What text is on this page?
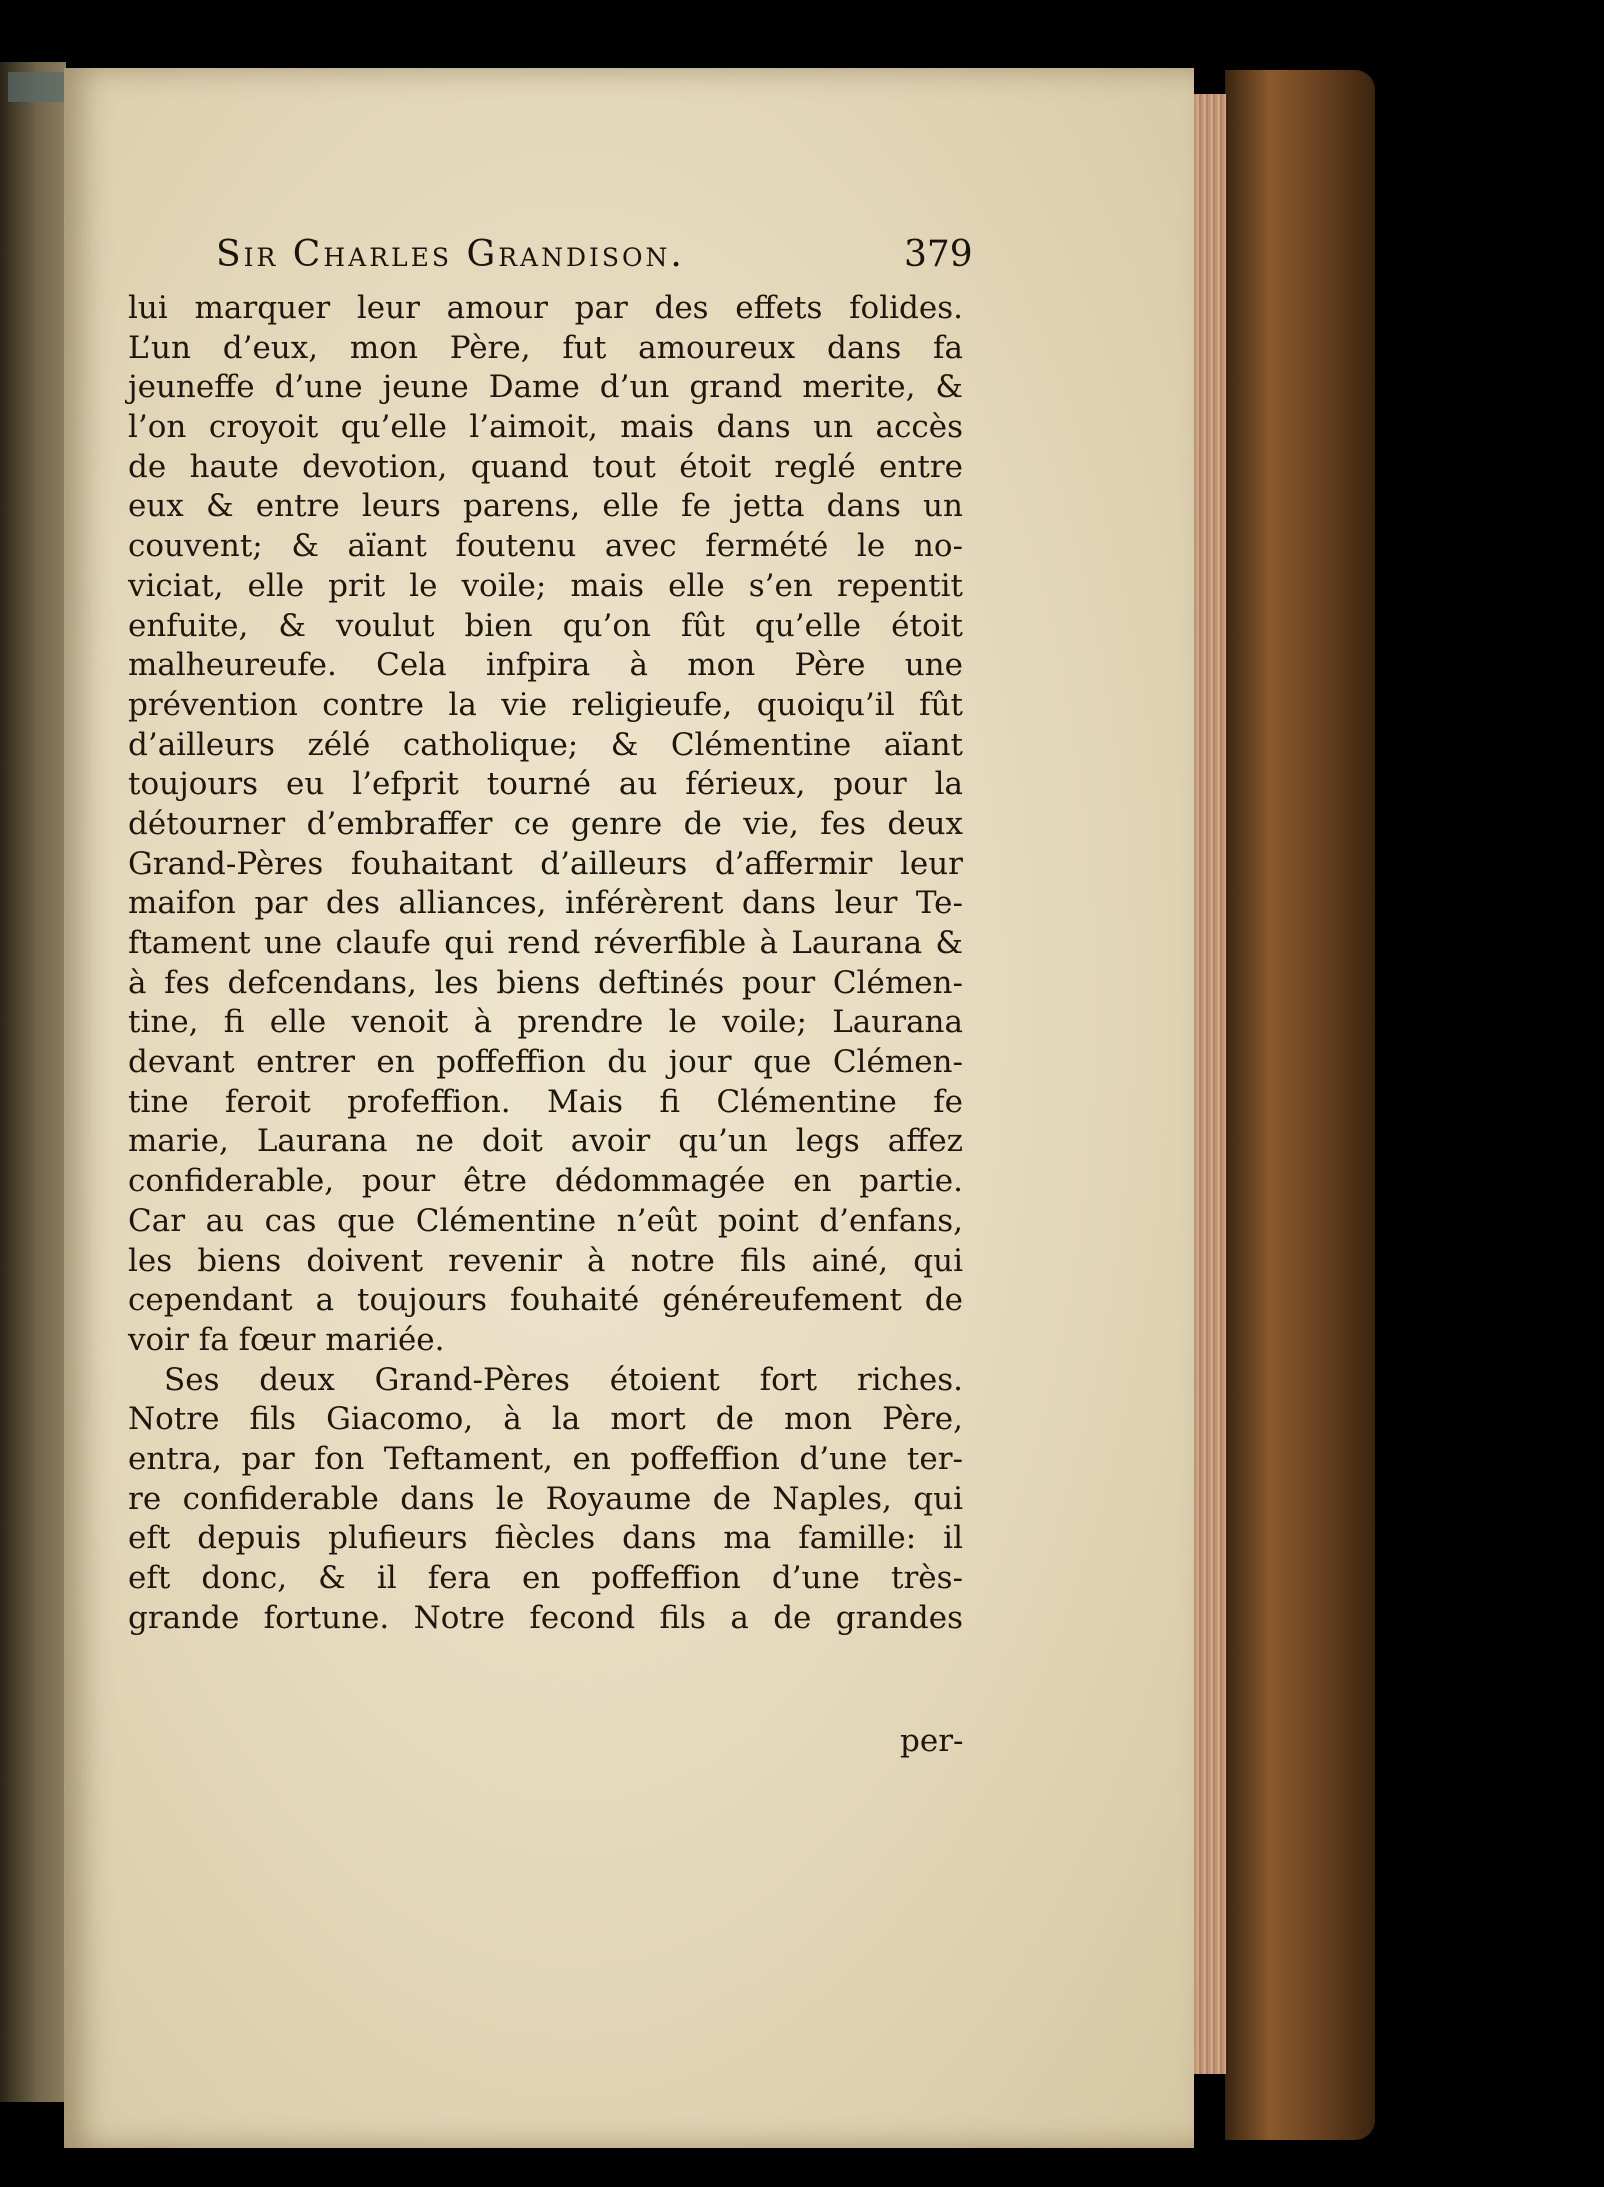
Sir Charles Grandison.	379
lui marquer leur amour par des effets folides.
L’un d’eux, mon Père, fut amoureux dans fa
jeuneffe d’une jeune Dame d’un grand merite, &
l’on croyoit qu’elle l’aimoit, mais dans un accès
de haute devotion, quand tout étoit reglé entre
eux & entre leurs parens, elle fe jetta dans un
couvent; & aïant foutenu avec fermété le no-
viciat, elle prit le voile; mais elle s’en repentit
enfuite, & voulut bien qu’on fût qu’elle étoit
malheureufe. Cela infpira à mon Père une
prévention contre la vie religieufe, quoiqu’il fût
d’ailleurs zélé catholique; & Clémentine aïant
toujours eu l’efprit tourné au férieux, pour la
détourner d’embraffer ce genre de vie, fes deux
Grand-Pères fouhaitant d’ailleurs d’affermir leur
maifon par des alliances, inférèrent dans leur Te-
ftament une claufe qui rend réverfible à Laurana &
à fes defcendans, les biens deftinés pour Clémen-
tine, fi elle venoit à prendre le voile; Laurana
devant entrer en poffeffion du jour que Clémen-
tine feroit profeffion. Mais fi Clémentine fe
marie, Laurana ne doit avoir qu’un legs affez
confiderable, pour être dédommagée en partie.
Car au cas que Clémentine n’eût point d’enfans,
les biens doivent revenir à notre fils ainé, qui
cependant a toujours fouhaité généreufement de
voir fa fœur mariée.
Ses deux Grand-Pères étoient fort riches.
Notre fils Giacomo, à la mort de mon Père,
entra, par fon Teftament, en poffeffion d’une ter-
re confiderable dans le Royaume de Naples, qui
eft depuis plufieurs fiècles dans ma famille: il
eft donc, & il fera en poffeffion d’une très-
grande fortune. Notre fecond fils a de grandes
per-
